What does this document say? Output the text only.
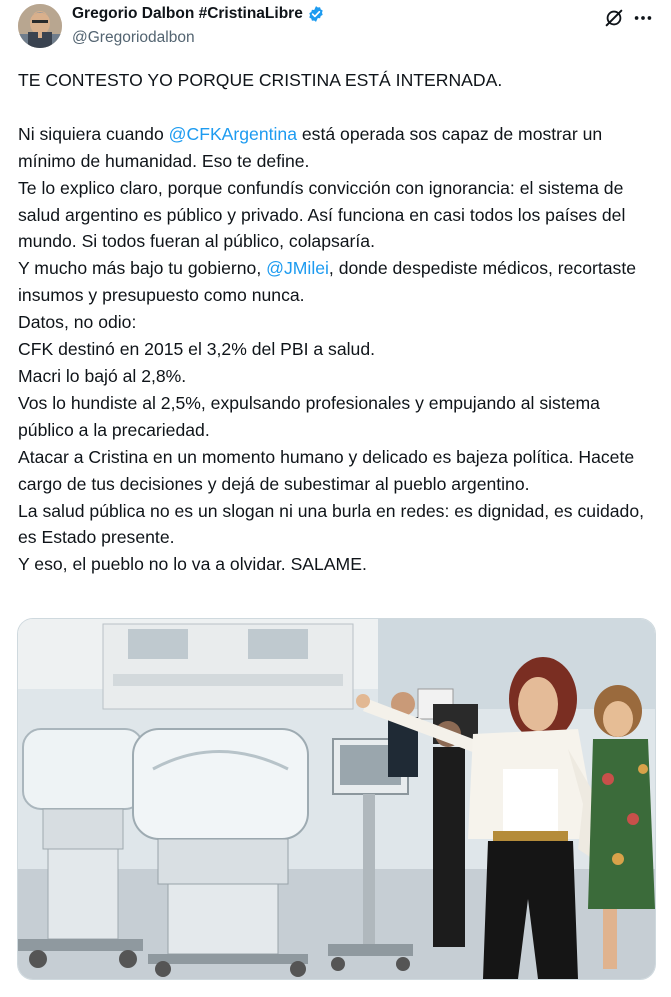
Gregorio Dalbon #CristinaLibre
@Gregoriodalbon
TE CONTESTO YO PORQUE CRISTINA ESTÁ INTERNADA.

Ni siquiera cuando @CFKArgentina está operada sos capaz de mostrar un mínimo de humanidad. Eso te define.
Te lo explico claro, porque confundís convicción con ignorancia: el sistema de salud argentino es público y privado. Así funciona en casi todos los países del mundo. Si todos fueran al público, colapsaría.
Y mucho más bajo tu gobierno, @JMilei, donde despediste médicos, recortaste insumos y presupuesto como nunca.
Datos, no odio:
CFK destinó en 2015 el 3,2% del PBI a salud.
Macri lo bajó al 2,8%.
Vos lo hundiste al 2,5%, expulsando profesionales y empujando al sistema público a la precariedad.
Atacar a Cristina en un momento humano y delicado es bajeza política. Hacete cargo de tus decisiones y dejá de subestimar al pueblo argentino.
La salud pública no es un slogan ni una burla en redes: es dignidad, es cuidado, es Estado presente.
Y eso, el pueblo no lo va a olvidar. SALAME.
